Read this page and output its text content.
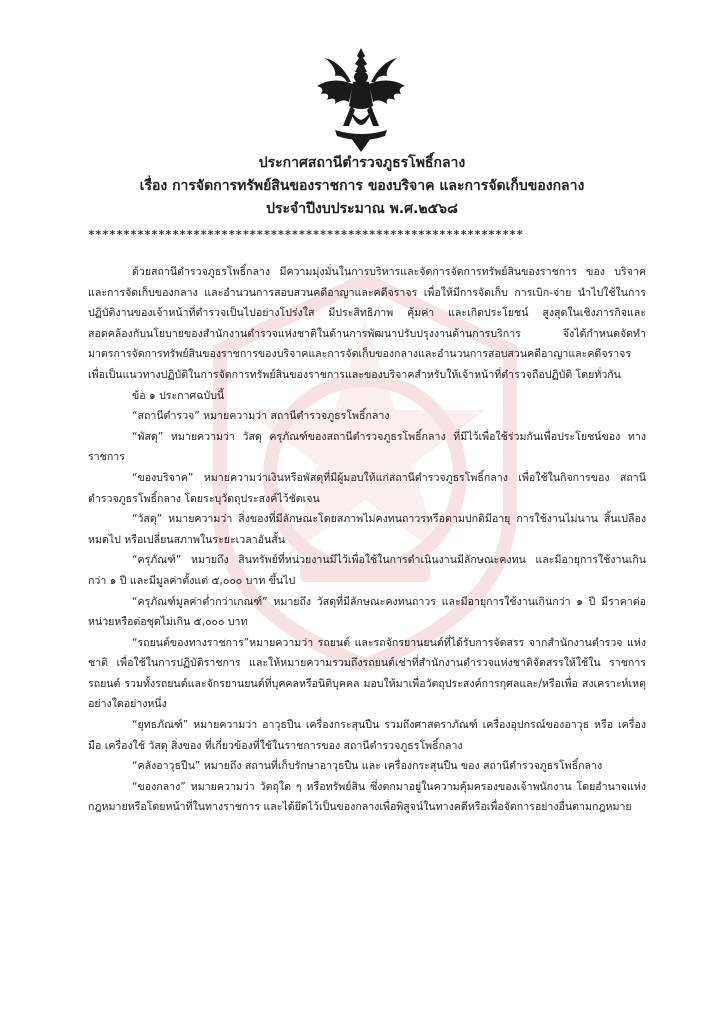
ประกาศสถานีตำรวจภูธรโพธิ์กลาง
เรื่อง การจัดการทรัพย์สินของราชการ ของบริจาค และการจัดเก็บของกลาง
ประจำปีงบประมาณ พ.ศ.๒๕๖๘
**************************************************************

ด้วยสถานีตำรวจภูธรโพธิ์กลาง มีความมุ่งมั่นในการบริหารและจัดการจัดการทรัพย์สินของราชการ ของ บริจาคและการจัดเก็บของกลาง และอำนวนการสอบสวนคดีอาญาและคดีจราจร เพื่อให้มีการจัดเก็บ การเบิก-จ่าย นำไปใช้ในการปฏิบัติงานของเจ้าหน้าที่ตำรวจเป็นไปอย่างโปร่งใส มีประสิทธิภาพ คุ้มค่า และเกิดประโยชน์ สูงสุดในเชิงภารกิจและสอดคล้องกับนโยบายของสำนักงานตำรวจแห่งชาติในด้านการพัฒนาปรับปรุงงานด้านการบริการ จึงได้กำหนดจัดทำมาตรการจัดการทรัพย์สินของราชการของบริจาคและการจัดเก็บของกลางและอำนวนการสอบสวนคดีอาญาและคดีจราจรเพื่อเป็นแนวทางปฏิบัติในการจัดการทรัพย์สินของราชการและของบริจาคสำหรับให้เจ้าหน้าที่ตำรวจถือปฏิบัติ โดยทั่วกัน

ข้อ ๑ ประกาศฉบับนี้

“สถานีตำรวจ” หมายความว่า สถานีตำรวจภูธรโพธิ์กลาง

“พัสดุ” หมายความว่า วัสดุ ครุภัณฑ์ของสถานีตำรวจภูธรโพธิ์กลาง ที่มีไว้เพื่อใช้ร่วมกันเพื่อประโยชน์ของ ทางราชการ

“ของบริจาค” หมายความว่าเงินหรือพัสดุที่มีผู้มอบให้แก่สถานีตำรวจภูธรโพธิ์กลาง เพื่อใช้ในกิจการของ สถานีตำรวจภูธรโพธิ์กลาง โดยระบุวัตถุประสงค์ไว้ชัดเจน

“วัสดุ” หมายความว่า สิ่งของที่มีลักษณะโดยสภาพไม่คงทนถาวรหรือตามปกติมีอายุ การใช้งานไม่นาน สิ้นเปลือง หมดไป หรือเปลี่ยนสภาพในระยะเวลาอันสั้น

“ครุภัณฑ์” หมายถึง สินทรัพย์ที่หน่วยงานมีไว้เพื่อใช้ในการดำเนินงานมีลักษณะคงทน และมีอายุการใช้งานเกิน กว่า ๑ ปี และมีมูลค่าตั้งแต่ ๕,๐๐๐ บาท ขึ้นไป

“ครุภัณฑ์มูลค่าต่ำกว่าเกณฑ์” หมายถึง วัสดุที่มีลักษณะคงทนถาวร และมีอายุการใช้งานเกินกว่า ๑ ปี มีราคาต่อ หน่วยหรือต่อชุดไม่เกิน ๕,๐๐๐ บาท

“รถยนต์ของทางราชการ”หมายความว่า รถยนต์ และรถจักรยานยนต์ที่ได้รับการจัดสรร จากสำนักงานตำรวจ แห่งชาติ เพื่อใช้ในการปฏิบัติราชการ และให้หมายความรวมถึงรถยนต์เช่าที่สำนักงานตำรวจแห่งชาติจัดสรรให้ใช้ใน ราชการ รถยนต์ รวมทั้งรถยนต์และจักรยานยนต์ที่บุคคลหรือนิติบุคคล มอบให้มาเพื่อวัตถุประสงค์การกุศลและ/หรือเพื่อ สงเคราะห์เหตุอย่างใดอย่างหนึ่ง

“ยุทธภัณฑ์” หมายความว่า อาวุธปืน เครื่องกระสุนปืน รวมถึงศาสตราภัณฑ์ เครื่องอุปกรณ์ของอาวุธ หรือ เครื่องมือ เครื่องใช้ วัสดุ สิ่งของ ที่เกี่ยวข้องที่ใช้ในราชการของ สถานีตำรวจภูธรโพธิ์กลาง

“คลังอาวุธปืน” หมายถึง สถานที่เก็บรักษาอาวุธปืน และ เครื่องกระสุนปืน ของ สถานีตำรวจภูธรโพธิ์กลาง

“ของกลาง” หมายความว่า วัตถุใด ๆ หรือทรัพย์สิน ซึ่งตกมาอยู่ในความคุ้มครองของเจ้าพนักงาน โดยอำนาจแห่ง กฎหมายหรือโดยหน้าที่ในทางราชการ และได้ยึดไว้เป็นของกลางเพื่อพิสูจน์ในทางคดีหรือเพื่อจัดการอย่างอื่นตามกฎหมาย
